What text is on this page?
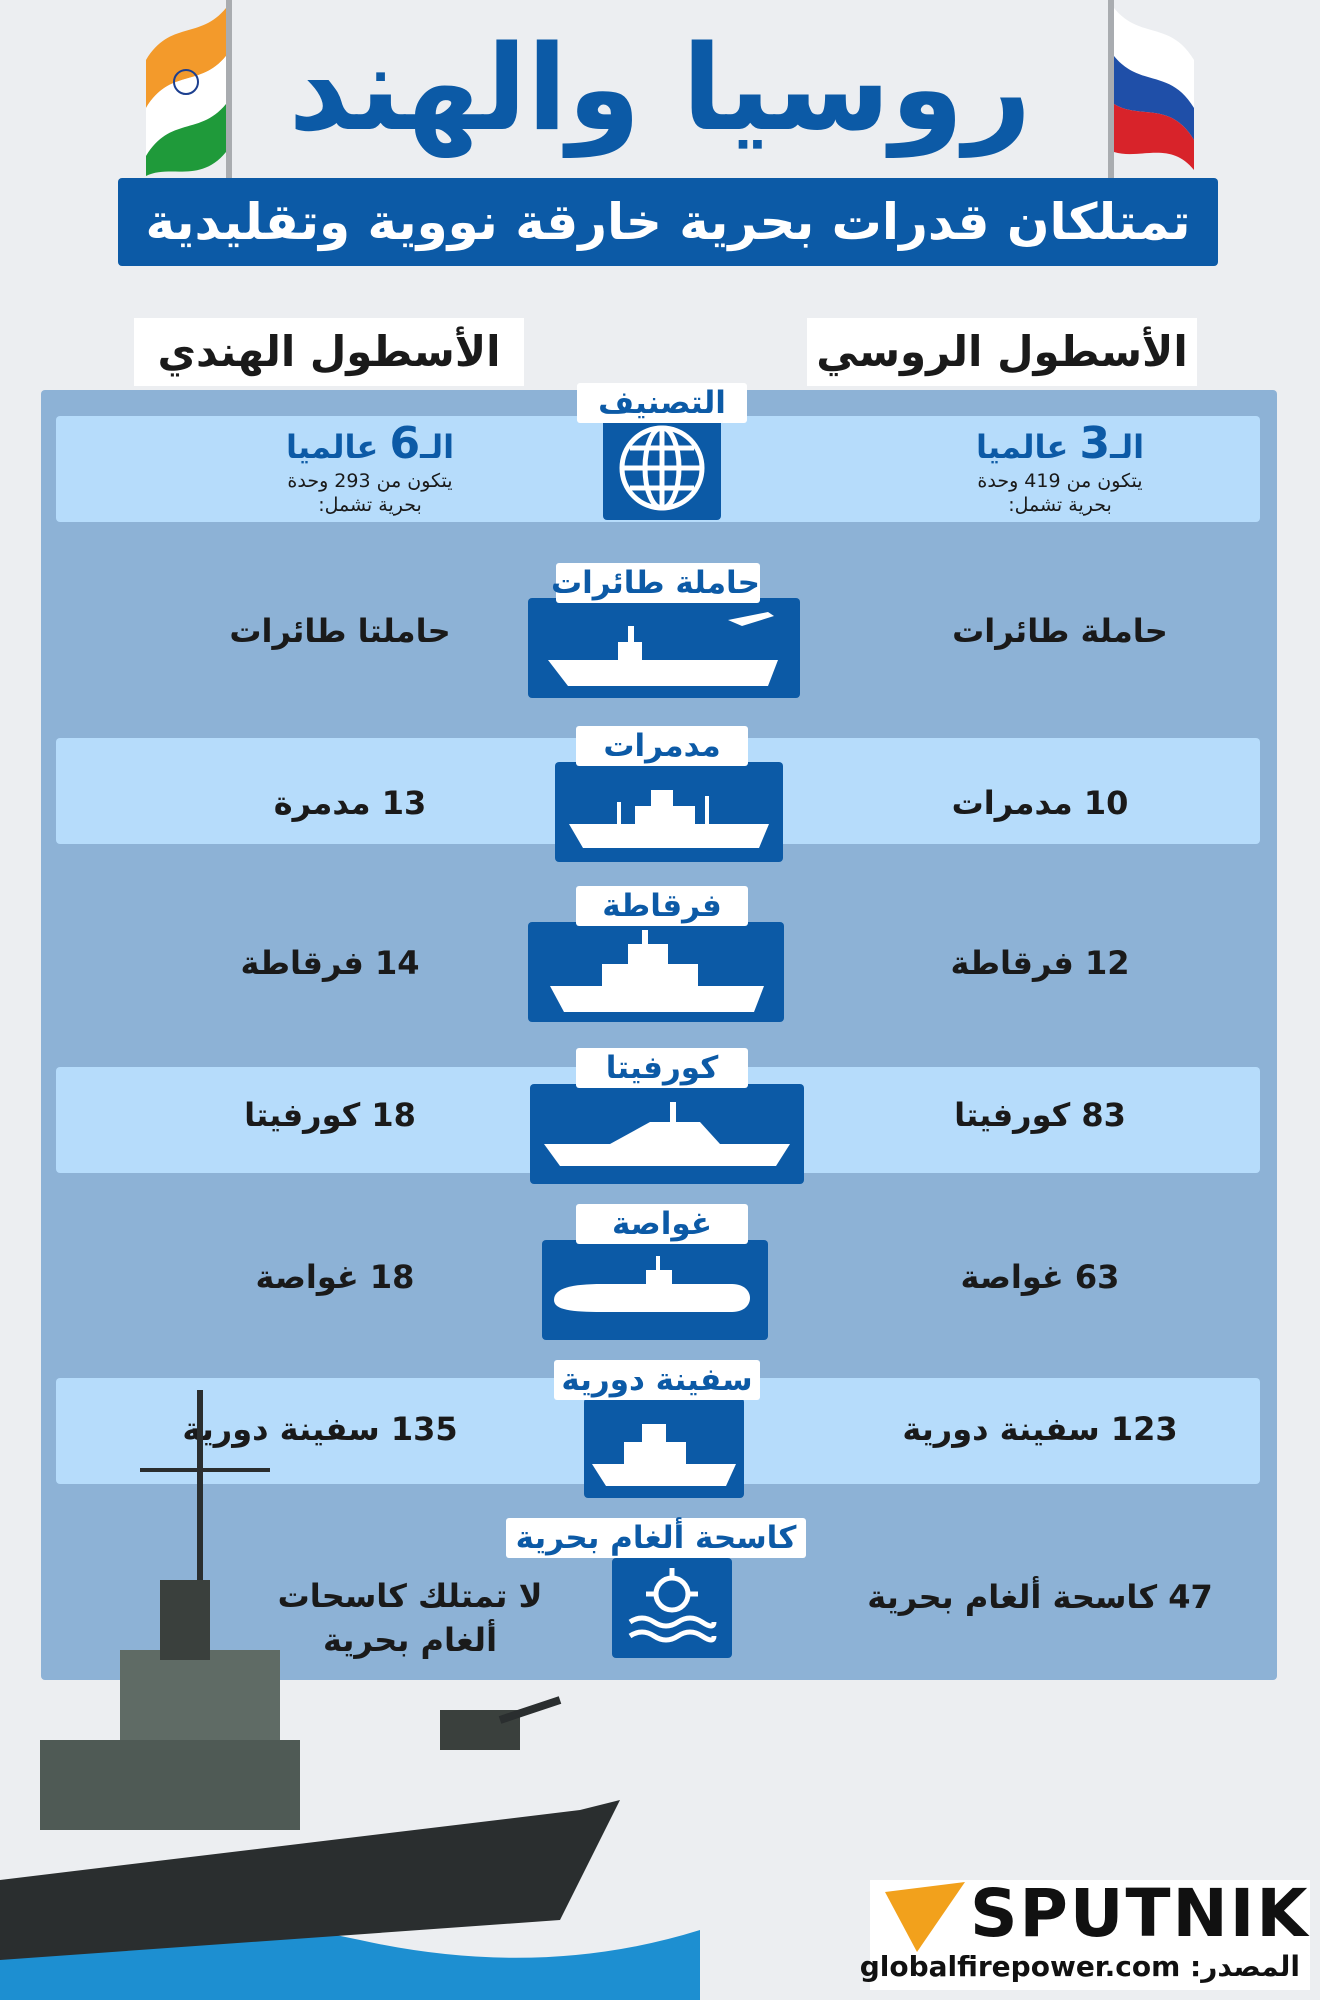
روسيا والهند
تمتلكان قدرات بحرية خارقة نووية وتقليدية
الأسطول الروسي
الأسطول الهندي
التصنيف
الـ3 عالميا
يتكون من 419 وحدة
بحرية تشمل:
الـ6 عالميا
يتكون من 293 وحدة
بحرية تشمل:
حاملة طائرات
حاملة طائرات
حاملتا طائرات
مدمرات
10 مدمرات
13 مدمرة
فرقاطة
12 فرقاطة
14 فرقاطة
كورفيتا
83 كورفيتا
18 كورفيتا
غواصة
63 غواصة
18 غواصة
سفينة دورية
123 سفينة دورية
135 سفينة دورية
كاسحة ألغام بحرية
47 كاسحة ألغام بحرية
لا تمتلك كاسحات
ألغام بحرية
SPUTNIK
المصدر: globalfirepower.com
